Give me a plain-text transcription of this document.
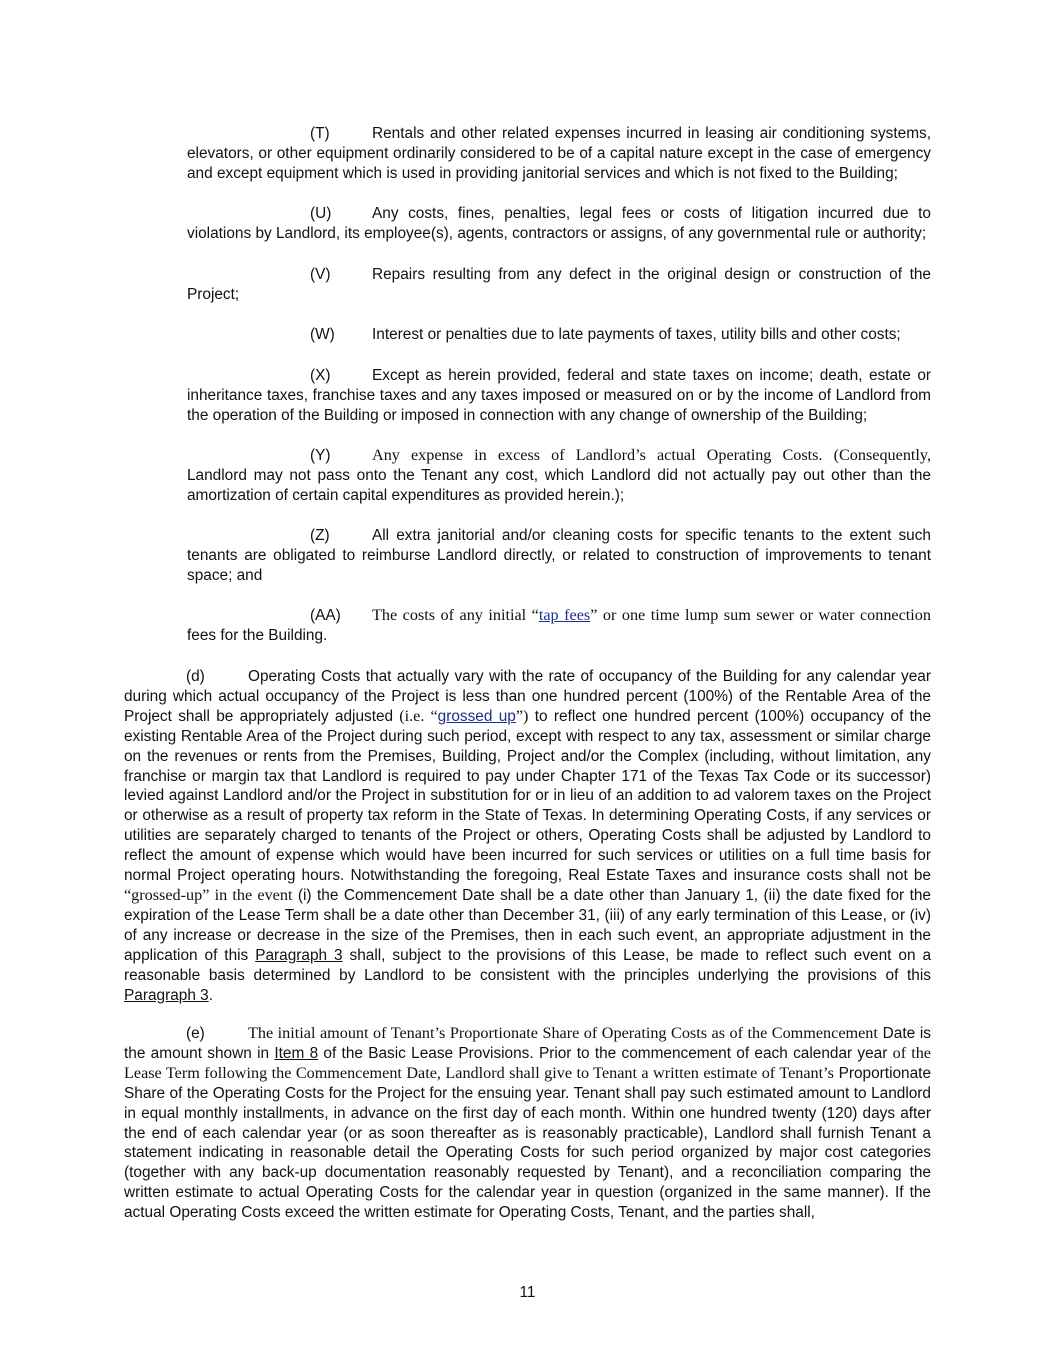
(T)	Rentals and other related expenses incurred in leasing air conditioning systems, elevators, or other equipment ordinarily considered to be of a capital nature except in the case of emergency and except equipment which is used in providing janitorial services and which is not fixed to the Building;

(U)	Any costs, fines, penalties, legal fees or costs of litigation incurred due to violations by Landlord, its employee(s), agents, contractors or assigns, of any governmental rule or authority;

(V)	Repairs resulting from any defect in the original design or construction of the Project;

(W) Interest or penalties due to late payments of taxes, utility bills and other costs;

(X)	Except as herein provided, federal and state taxes on income; death, estate or inheritance taxes, franchise taxes and any taxes imposed or measured on or by the income of Landlord from the operation of the Building or imposed in connection with any change of ownership of the Building;

(Y)	Any expense in excess of Landlord’s actual Operating Costs. (Consequently, Landlord may not pass onto the Tenant any cost, which Landlord did not actually pay out other than the amortization of certain capital expenditures as provided herein.);

(Z)	All extra janitorial and/or cleaning costs for specific tenants to the extent such tenants are obligated to reimburse Landlord directly, or related to construction of improvements to tenant space; and

(AA) The costs of any initial “tap fees” or one time lump sum sewer or water connection fees for the Building.

(d)	Operating Costs that actually vary with the rate of occupancy of the Building for any calendar year during which actual occupancy of the Project is less than one hundred percent (100%) of the Rentable Area of the Project shall be appropriately adjusted (i.e. “grossed up”) to reflect one hundred percent (100%) occupancy of the existing Rentable Area of the Project during such period, except with respect to any tax, assessment or similar charge on the revenues or rents from the Premises, Building, Project and/or the Complex (including, without limitation, any franchise or margin tax that Landlord is required to pay under Chapter 171 of the Texas Tax Code or its successor) levied against Landlord and/or the Project in substitution for or in lieu of an addition to ad valorem taxes on the Project or otherwise as a result of property tax reform in the State of Texas. In determining Operating Costs, if any services or utilities are separately charged to tenants of the Project or others, Operating Costs shall be adjusted by Landlord to reflect the amount of expense which would have been incurred for such services or utilities on a full time basis for normal Project operating hours. Notwithstanding the foregoing, Real Estate Taxes and insurance costs shall not be “grossed-up” in the event (i) the Commencement Date shall be a date other than January 1, (ii) the date fixed for the expiration of the Lease Term shall be a date other than December 31, (iii) of any early termination of this Lease, or (iv) of any increase or decrease in the size of the Premises, then in each such event, an appropriate adjustment in the application of this Paragraph 3 shall, subject to the provisions of this Lease, be made to reflect such event on a reasonable basis determined by Landlord to be consistent with the principles underlying the provisions of this Paragraph 3.

(e)	The initial amount of Tenant’s Proportionate Share of Operating Costs as of the Commencement Date is the amount shown in Item 8 of the Basic Lease Provisions. Prior to the commencement of each calendar year of the Lease Term following the Commencement Date, Landlord shall give to Tenant a written estimate of Tenant’s Proportionate Share of the Operating Costs for the Project for the ensuing year. Tenant shall pay such estimated amount to Landlord in equal monthly installments, in advance on the first day of each month. Within one hundred twenty (120) days after the end of each calendar year (or as soon thereafter as is reasonably practicable), Landlord shall furnish Tenant a statement indicating in reasonable detail the Operating Costs for such period organized by major cost categories (together with any back-up documentation reasonably requested by Tenant), and a reconciliation comparing the written estimate to actual Operating Costs for the calendar year in question (organized in the same manner). If the actual Operating Costs exceed the written estimate for Operating Costs, Tenant, and the parties shall,

11
